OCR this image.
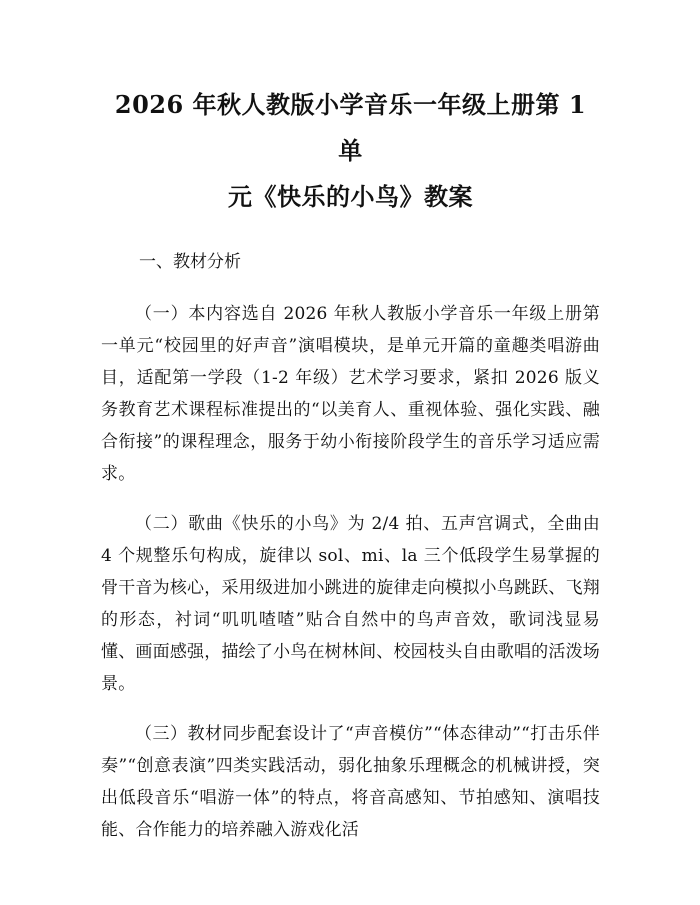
2026 年秋人教版小学音乐一年级上册第 1 单
元《快乐的小鸟》教案
一、教材分析

（一）本内容选自 2026 年秋人教版小学音乐一年级上册第一单元“校园里的好声音”演唱模块，是单元开篇的童趣类唱游曲目，适配第一学段（1-2 年级）艺术学习要求，紧扣 2026 版义务教育艺术课程标准提出的“以美育人、重视体验、强化实践、融合衔接”的课程理念，服务于幼小衔接阶段学生的音乐学习适应需求。

（二）歌曲《快乐的小鸟》为 2/4 拍、五声宫调式，全曲由 4 个规整乐句构成，旋律以 sol、mi、la 三个低段学生易掌握的骨干音为核心，采用级进加小跳进的旋律走向模拟小鸟跳跃、飞翔的形态，衬词“叽叽喳喳”贴合自然中的鸟声音效，歌词浅显易懂、画面感强，描绘了小鸟在树林间、校园枝头自由歌唱的活泼场景。

（三）教材同步配套设计了“声音模仿”“体态律动”“打击乐伴奏”“创意表演”四类实践活动，弱化抽象乐理概念的机械讲授，突出低段音乐“唱游一体”的特点，将音高感知、节拍感知、演唱技能、合作能力的培养融入游戏化活
